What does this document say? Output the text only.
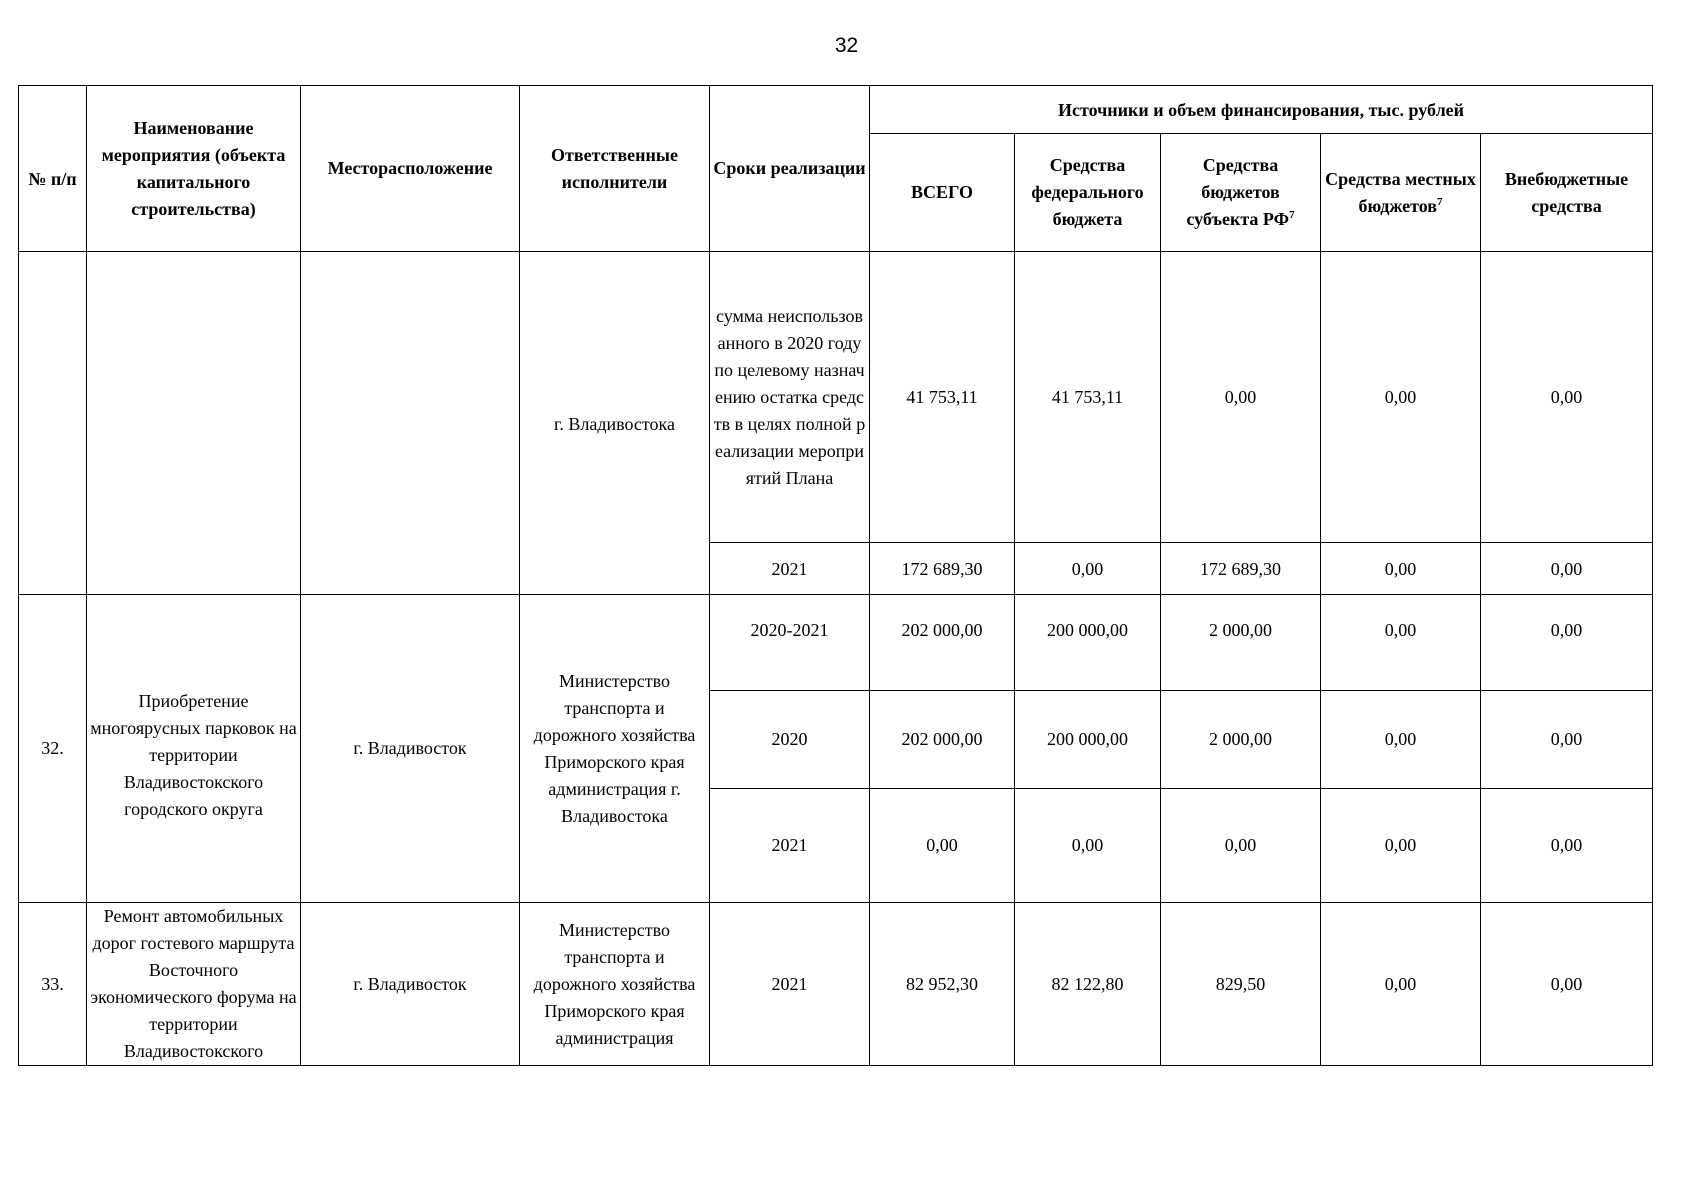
32
№ п/п	Наименование мероприятия (объекта капитального строительства)	Месторасположение	Ответственные исполнители	Сроки реализации	Источники и объем финансирования, тыс. рублей				
					ВСЕГО	Средства федерального бюджета	Средства бюджетов субъекта $РФ^7$	Средства местных бюджетов$^7$	Внебюджетные средства
			г. Владивостока	сумма неиспользованного в 2020 году по целевому назначению остатка средств в целях полной реализации мероприятий Плана	41 753,11	41 753,11	0,00	0,00	0,00
				2021	172 689,30	0,00	172 689,30	0,00	0,00
32.	Приобретение многоярусных парковок на территории Владивостокского городского округа	г. Владивосток	Министерство транспорта и дорожного хозяйства Приморского края администрация г. Владивостока	2020-2021	202 000,00	200 000,00	2 000,00	0,00	0,00
				2020	202 000,00	200 000,00	2 000,00	0,00	0,00
				2021	0,00	0,00	0,00	0,00	0,00
33.	Ремонт автомобильных дорог гостевого маршрута Восточного экономического форума на территории Владивостокского	г. Владивосток	Министерство транспорта и дорожного хозяйства Приморского края администрация	2021	82 952,30	82 122,80	829,50	0,00	0,00
